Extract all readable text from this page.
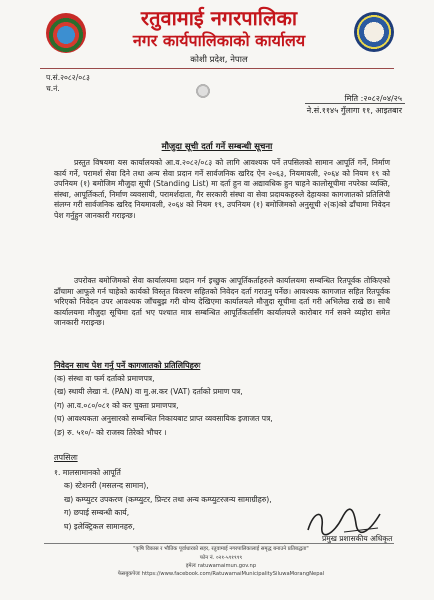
रतुवामाई नगरपालिका
नगर कार्यपालिकाको कार्यालय
कोशी प्रदेश, नेपाल
प.सं.२०८२/०८३
च.नं.
मिति :२०८२/०४/२५
ने.सं.११४५ गुँलागा ११, आइतबार
मौजुदा सूची दर्ता गर्ने सम्बन्धी सूचना
प्रस्तुत विषयमा यस कार्यालयको आ.व.२०८२/०८३ को लागि आवश्यक पर्ने तपसिलको सामान आपूर्ति गर्ने, निर्माण कार्य गर्ने, परामर्श सेवा दिने तथा अन्य सेवा प्रदान गर्ने सार्वजनिक खरिद ऐन २०६३, नियमावली, २०६४ को नियम १९ को उपनियम (१) बमोजिम मौजुदा सूची (Standing List) मा दर्ता हुन वा अद्यावधिक हुन चाहने कालोसूचीमा नपरेका व्यक्ति, संस्था, आपूर्तिकर्ता, निर्माण व्यवसायी, परामर्शदाता, गैर सरकारी संस्था वा सेवा प्रदायकहरुले देहायका कागजातको प्रतिलिपी संलग्न गरी सार्वजनिक खरिद नियमावली, २०६४ को नियम १९, उपनियम (१) बमोजिमको अनुसूची २(क)को ढाँचामा निवेदन पेश गर्नुहुन जानकारी गराइन्छ।
उपरोक्त बमोजिमको सेवा कार्यालयमा प्रदान गर्न इच्छुक आपूर्तिकर्ताहरुले कार्यालयमा सम्बन्धित रितपूर्वक तोकिएको ढाँचामा आफूले गर्न चाहेको कार्यको विस्तृत विवरण सहितको निवेदन दर्ता गराउनु पर्नेछ। आवश्यक कागजात सहित रितपूर्वक भरिएको निवेदन उपर आवश्यक जाँचबुझ गरी योग्य देखिएमा कार्यालयले मौजुदा सूचीमा दर्ता गरी अभिलेख राखे छ। साथै कार्यालयमा मौजुदा सूचिमा दर्ता भए पश्चात मात्र सम्बन्धित आपूर्तिकर्तासँग कार्यालयले कारोबार गर्न सक्ने व्यहोरा समेत जानकारी गराइन्छ।
निवेदन साथ पेश गर्नु पर्ने कागजातको प्रतिलिपिहरुः
(क) संस्था वा फर्म दर्ताको प्रमाणपत्र,
(ख) स्थायी लेखा नं. (PAN) वा मु.अ.कर (VAT) दर्ताको प्रमाण पत्र,
(ग) आ.व.०८०/०८१ को कर चुक्ता प्रमाणपत्र,
(घ) आवश्यकता अनुसारको सम्बन्धित निकायबाट प्राप्त व्यवसायिक इजाजत पत्र,
(ङ) रु. ५१०/- को राजस्व तिरेको भौचर ।
तपसिलः
१. मालसामानको आपूर्ति
क) स्टेशनरी (मसलन्द सामान),
ख) कम्प्युटर उपकरण (कम्प्युटर, प्रिन्टर तथा अन्य कम्प्युटरजन्य सामाग्रीहरु),
ग) छपाई सम्बन्धी कार्य,
घ) इलेक्ट्रिकल सामानहरु,
प्रमुख प्रशासकीय अधिकृत
"कृषि विकास र भौतिक पूर्वाधारको सहर, रतुवामाई नगरपालिकालाई समृद्ध बनाउने प्रतिबद्धता"
फोन नं. ०२१-५९१९९९
इमेलः ratuwamaimun.gov.np
फेसबुकपेजः https://www.facebook.com/RatuwamaiMunicipalitySiluwaMorangNepal
